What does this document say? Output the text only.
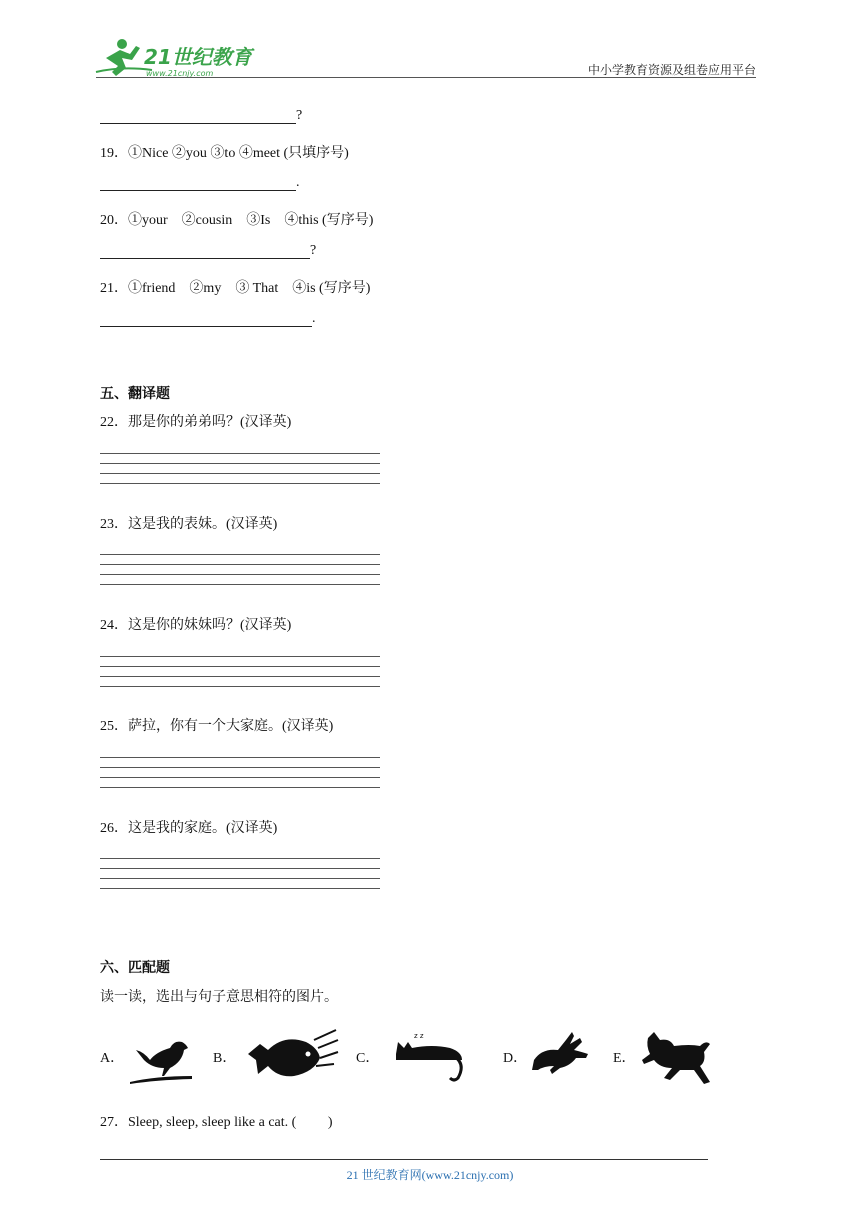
21世纪教育
www.21cnjy.com	中小学教育资源及组卷应用平台
?
19．①Nice ②you ③to ④meet (只填序号)
.
20．①your　②cousin　③Is　④this (写序号)
?
21．①friend　②my　③ That　④is (写序号)
.
五、翻译题
22．那是你的弟弟吗？(汉译英)
23．这是我的表妹。(汉译英)
24．这是你的妹妹吗？(汉译英)
25．萨拉，你有一个大家庭。(汉译英)
26．这是我的家庭。(汉译英)
六、匹配题
读一读，选出与句子意思相符的图片。
A．	B．	C．
z z
D．	E．
27．Sleep, sleep, sleep like a cat. (　　 )
21 世纪教育网(www.21cnjy.com)
